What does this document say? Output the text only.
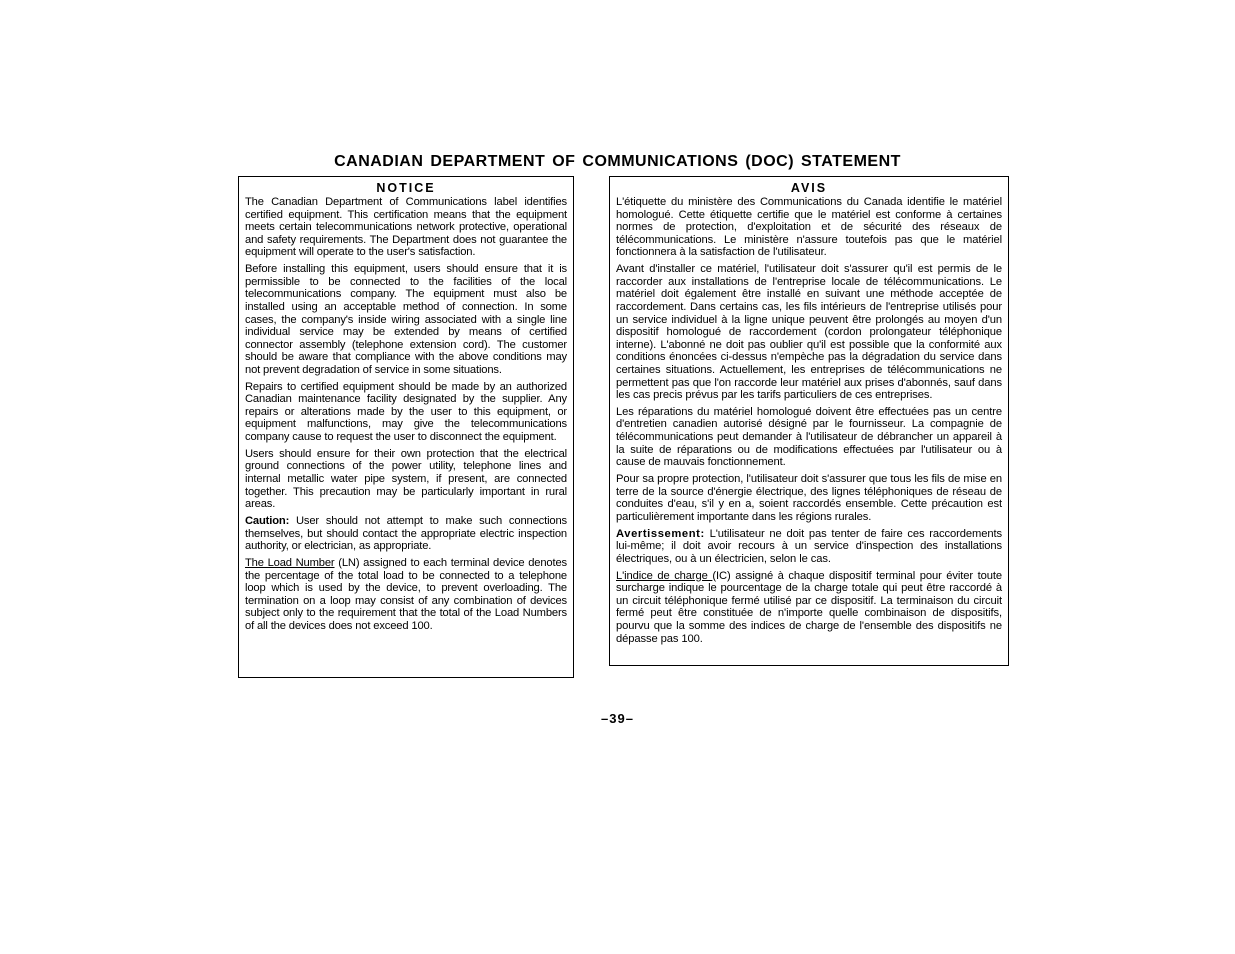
CANADIAN DEPARTMENT OF COMMUNICATIONS (DOC) STATEMENT
NOTICE

The Canadian Department of Communications label identifies certified equipment. This certification means that the equipment meets certain telecommunications network protective, operational and safety requirements. The Department does not guarantee the equipment will operate to the user's satisfaction.

Before installing this equipment, users should ensure that it is permissible to be connected to the facilities of the local telecommunications company. The equipment must also be installed using an acceptable method of connection. In some cases, the company's inside wiring associated with a single line individual service may be extended by means of certified connector assembly (telephone extension cord). The customer should be aware that compliance with the above conditions may not prevent degradation of service in some situations.

Repairs to certified equipment should be made by an authorized Canadian maintenance facility designated by the supplier. Any repairs or alterations made by the user to this equipment, or equipment malfunctions, may give the telecommunications company cause to request the user to disconnect the equipment.

Users should ensure for their own protection that the electrical ground connections of the power utility, telephone lines and internal metallic water pipe system, if present, are connected together. This precaution may be particularly important in rural areas.

Caution: User should not attempt to make such connections themselves, but should contact the appropriate electric inspection authority, or electrician, as appropriate.

The Load Number (LN) assigned to each terminal device denotes the percentage of the total load to be connected to a telephone loop which is used by the device, to prevent overloading. The termination on a loop may consist of any combination of devices subject only to the requirement that the total of the Load Numbers of all the devices does not exceed 100.

AVIS

L'étiquette du ministère des Communications du Canada identifie le matériel homologué. Cette étiquette certifie que le matériel est conforme à certaines normes de protection, d'exploitation et de sécurité des réseaux de télécommunications. Le ministère n'assure toutefois pas que le matériel fonctionnera à la satisfaction de l'utilisateur.

Avant d'installer ce matériel, l'utilisateur doit s'assurer qu'il est permis de le raccorder aux installations de l'entreprise locale de télécommunications. Le matériel doit également être installé en suivant une méthode acceptée de raccordement. Dans certains cas, les fils intérieurs de l'entreprise utilisés pour un service individuel à la ligne unique peuvent être prolongés au moyen d'un dispositif homologué de raccordement (cordon prolongateur téléphonique interne). L'abonné ne doit pas oublier qu'il est possible que la conformité aux conditions énoncées ci-dessus n'empèche pas la dégradation du service dans certaines situations. Actuellement, les entreprises de télécommunications ne permettent pas que l'on raccorde leur matériel aux prises d'abonnés, sauf dans les cas precis prévus par les tarifs particuliers de ces entreprises.

Les réparations du matériel homologué doivent être effectuées pas un centre d'entretien canadien autorisé désigné par le fournisseur. La compagnie de télécommunications peut demander à l'utilisateur de débrancher un appareil à la suite de réparations ou de modifications effectuées par l'utilisateur ou à cause de mauvais fonctionnement.

Pour sa propre protection, l'utilisateur doit s'assurer que tous les fils de mise en terre de la source d'énergie électrique, des lignes téléphoniques de réseau de conduites d'eau, s'il y en a, soient raccordés ensemble. Cette précaution est particulièrement importante dans les régions rurales.

Avertissement: L'utilisateur ne doit pas tenter de faire ces raccordements lui-même; il doit avoir recours à un service d'inspection des installations électriques, ou à un électricien, selon le cas.

L'indice de charge (IC) assigné à chaque dispositif terminal pour éviter toute surcharge indique le pourcentage de la charge totale qui peut être raccordé à un circuit téléphonique fermé utilisé par ce dispositif. La terminaison du circuit fermé peut être constituée de n'importe quelle combinaison de dispositifs, pourvu que la somme des indices de charge de l'ensemble des dispositifs ne dépasse pas 100.

–39–
